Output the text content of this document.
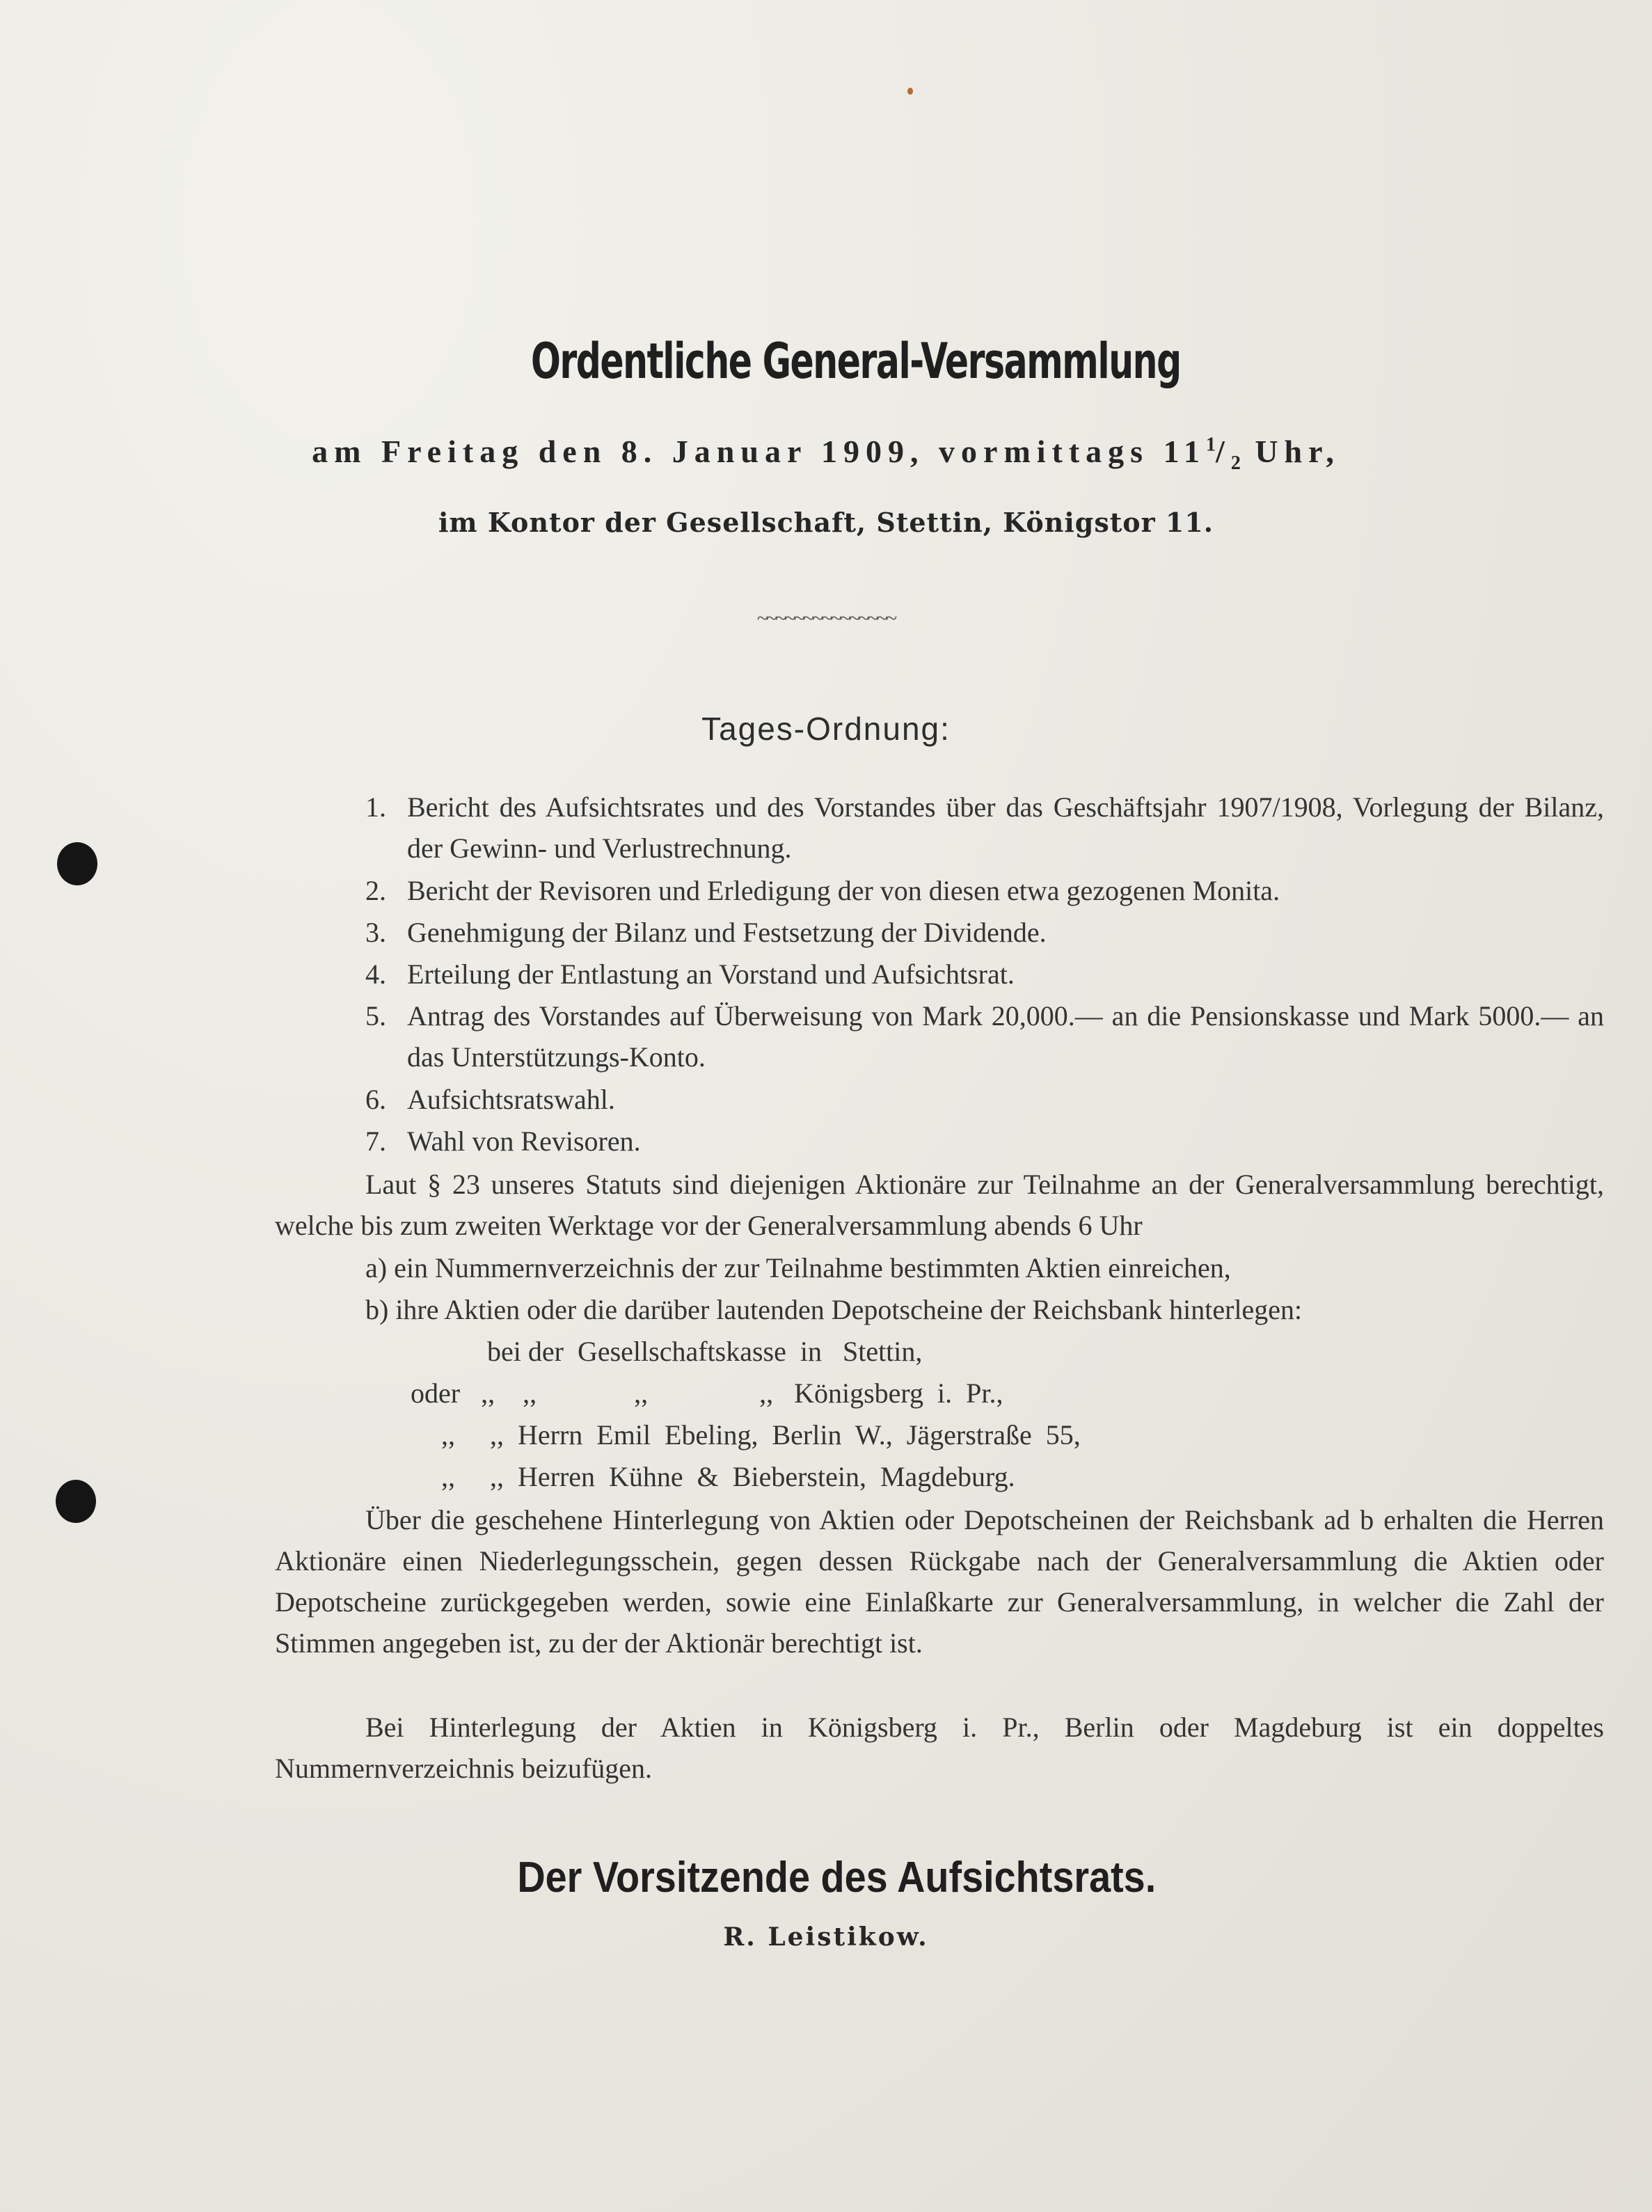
Ordentliche General-Versammlung
am Freitag den 8. Januar 1909, vormittags $11^1/_2$ Uhr,
im Kontor der Gesellschaft, Stettin, Königstor 11.
~~~~~~~~~~~~~~~
Tages-Ordnung:
1. Bericht des Aufsichtsrates und des Vorstandes über das Geschäftsjahr 1907/1908, Vorlegung der Bilanz, der Gewinn- und Verlustrechnung.
2. Bericht der Revisoren und Erledigung der von diesen etwa gezogenen Monita.
3. Genehmigung der Bilanz und Festsetzung der Dividende.
4. Erteilung der Entlastung an Vorstand und Aufsichtsrat.
5. Antrag des Vorstandes auf Überweisung von Mark 20,000.— an die Pensionskasse und Mark 5000.— an das Unterstützungs-Konto.
6. Aufsichtsratswahl.
7. Wahl von Revisoren.
Laut § 23 unseres Statuts sind diejenigen Aktionäre zur Teilnahme an der Generalversammlung berechtigt, welche bis zum zweiten Werktage vor der Generalversammlung abends 6 Uhr
a) ein Nummernverzeichnis der zur Teilnahme bestimmten Aktien einreichen,
b) ihre Aktien oder die darüber lautenden Depotscheine der Reichsbank hinterlegen:
bei der  Gesellschaftskasse  in   Stettin,
oder   ,,    ,,              ,,                ,,   Königsberg  i.  Pr.,
,,     ,,  Herrn  Emil  Ebeling,  Berlin  W.,  Jägerstraße  55,
,,     ,,  Herren  Kühne  &  Bieberstein,  Magdeburg.
Über die geschehene Hinterlegung von Aktien oder Depotscheinen der Reichsbank ad b erhalten die Herren Aktionäre einen Niederlegungsschein, gegen dessen Rückgabe nach der Generalversammlung die Aktien oder Depotscheine zurückgegeben werden, sowie eine Einlaßkarte zur Generalversammlung, in welcher die Zahl der Stimmen angegeben ist, zu der der Aktionär berechtigt ist.
Bei Hinterlegung der Aktien in Königsberg i. Pr., Berlin oder Magdeburg ist ein doppeltes Nummernverzeichnis beizufügen.
Der Vorsitzende des Aufsichtsrats.
R. Leistikow.
